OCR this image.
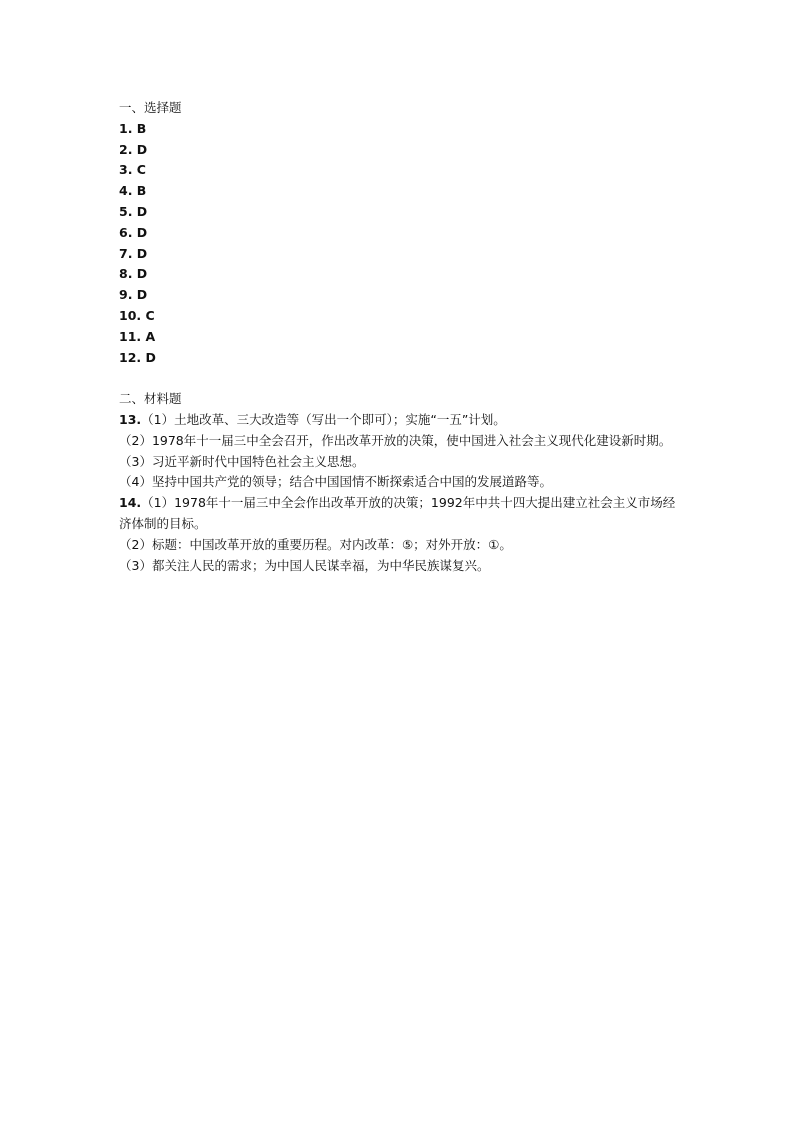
一、选择题
1. B
2. D
3. C
4. B
5. D
6. D
7. D
8. D
9. D
10. C
11. A
12. D
二、材料题
13.（1）土地改革、三大改造等（写出一个即可）；实施“一五”计划。
（2）1978年十一届三中全会召开，作出改革开放的决策，使中国进入社会主义现代化建设新时期。
（3）习近平新时代中国特色社会主义思想。
（4）坚持中国共产党的领导；结合中国国情不断探索适合中国的发展道路等。
14.（1）1978年十一届三中全会作出改革开放的决策；1992年中共十四大提出建立社会主义市场经济体制的目标。
（2）标题：中国改革开放的重要历程。对内改革：⑤；对外开放：①。
（3）都关注人民的需求；为中国人民谋幸福，为中华民族谋复兴。
